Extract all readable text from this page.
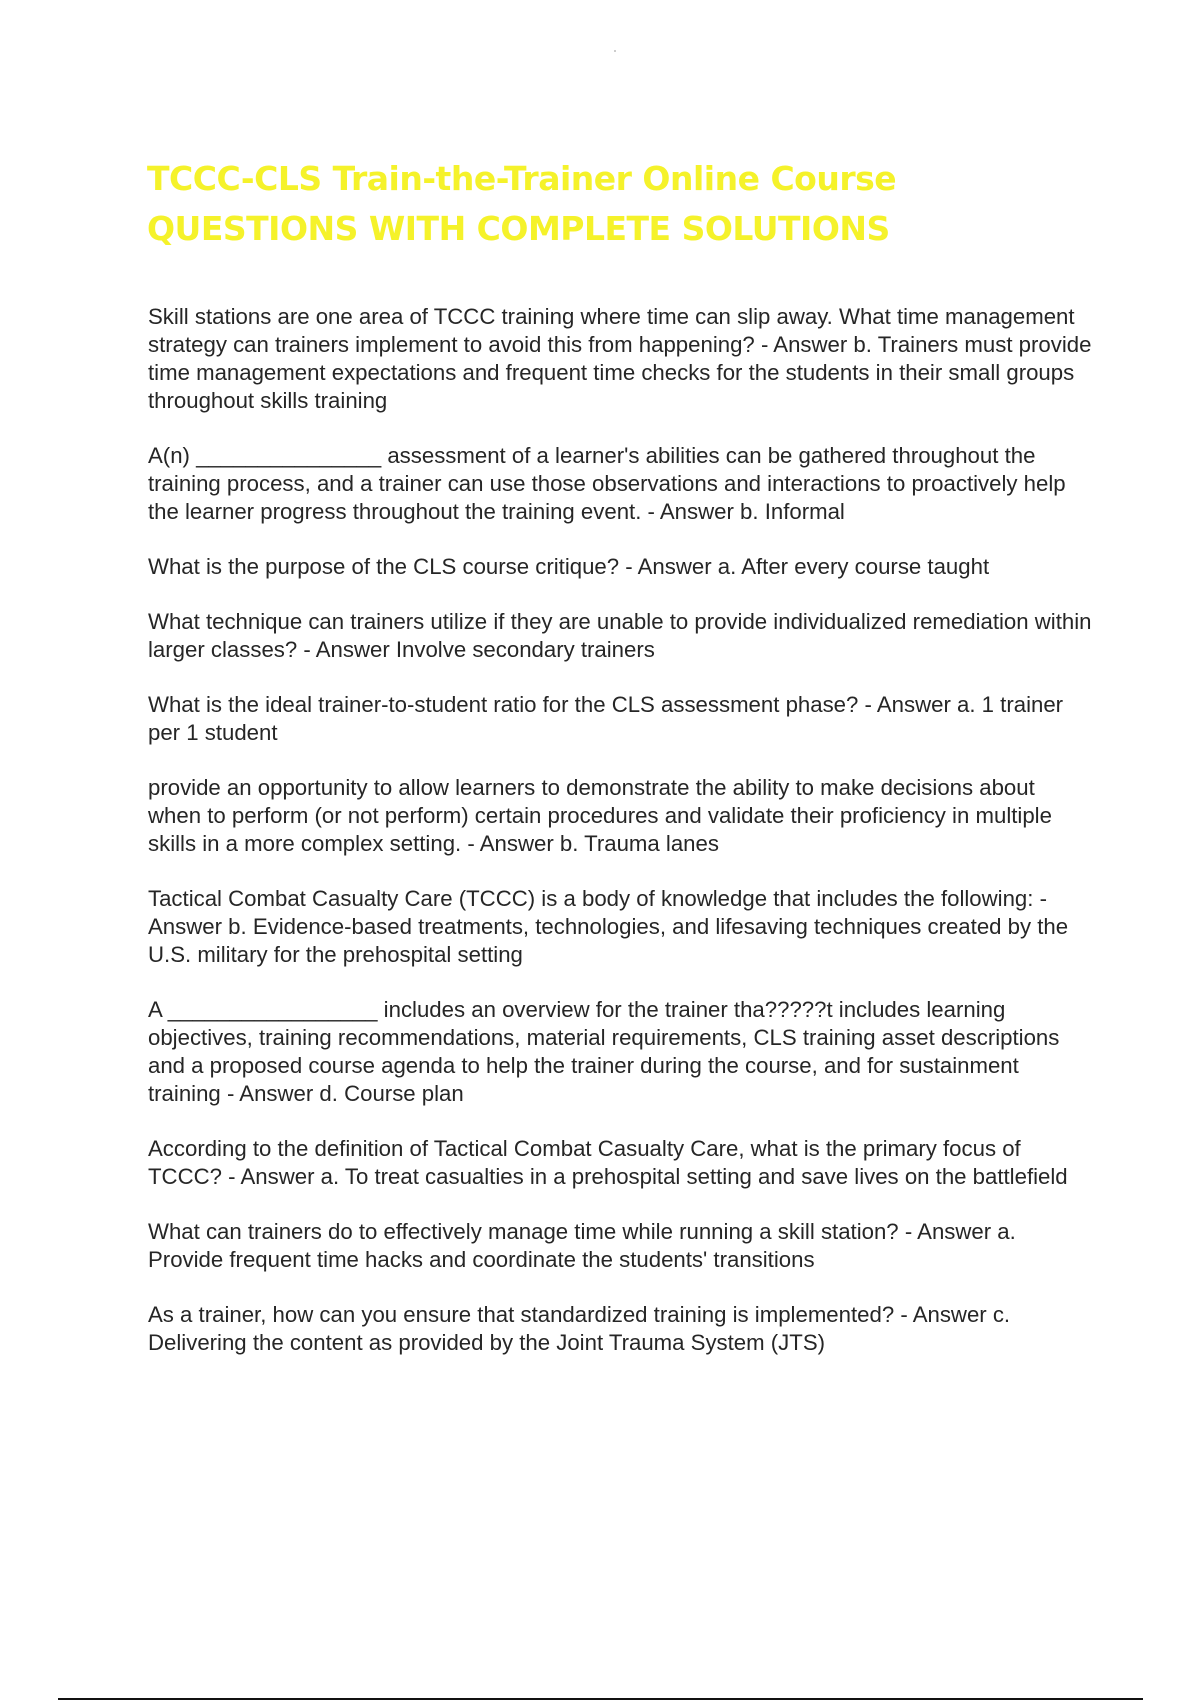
TCCC-CLS Train-the-Trainer Online Course
QUESTIONS WITH COMPLETE SOLUTIONS
Skill stations are one area of TCCC training where time can slip away. What time management strategy can trainers implement to avoid this from happening? - Answer b. Trainers must provide time management expectations and frequent time checks for the students in their small groups throughout skills training
A(n) _______________ assessment of a learner's abilities can be gathered throughout the training process, and a trainer can use those observations and interactions to proactively help the learner progress throughout the training event. - Answer b. Informal
What is the purpose of the CLS course critique? - Answer a. After every course taught
What technique can trainers utilize if they are unable to provide individualized remediation within larger classes? - Answer Involve secondary trainers
What is the ideal trainer-to-student ratio for the CLS assessment phase? - Answer a. 1 trainer per 1 student
provide an opportunity to allow learners to demonstrate the ability to make decisions about when to perform (or not perform) certain procedures and validate their proficiency in multiple skills in a more complex setting. - Answer b. Trauma lanes
Tactical Combat Casualty Care (TCCC) is a body of knowledge that includes the following: - Answer b. Evidence-based treatments, technologies, and lifesaving techniques created by the U.S. military for the prehospital setting
A _________________ includes an overview for the trainer tha?????t includes learning objectives, training recommendations, material requirements, CLS training asset descriptions and a proposed course agenda to help the trainer during the course, and for sustainment training - Answer d. Course plan
According to the definition of Tactical Combat Casualty Care, what is the primary focus of TCCC? - Answer a. To treat casualties in a prehospital setting and save lives on the battlefield
What can trainers do to effectively manage time while running a skill station? - Answer a. Provide frequent time hacks and coordinate the students' transitions
As a trainer, how can you ensure that standardized training is implemented? - Answer c. Delivering the content as provided by the Joint Trauma System (JTS)
